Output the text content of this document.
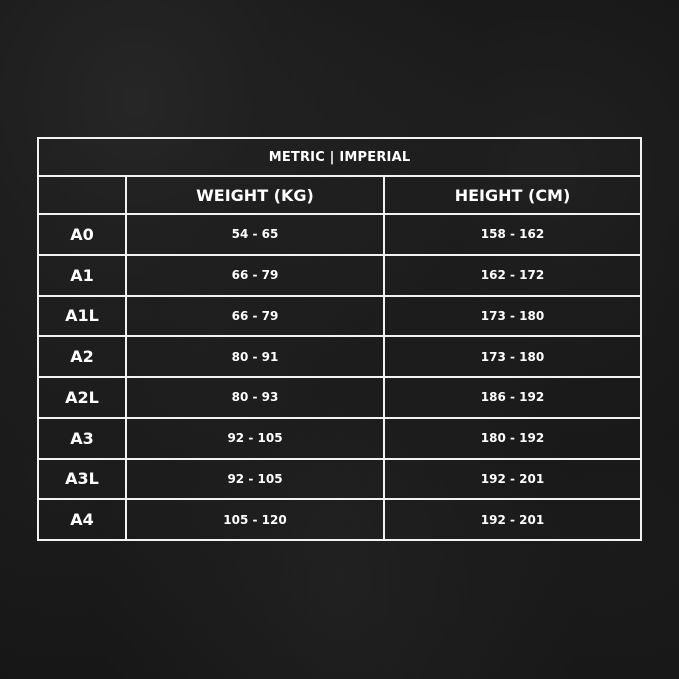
METRIC | IMPERIAL		
	WEIGHT (KG)	HEIGHT (CM)
A0	54 - 65	158 - 162
A1	66 - 79	162 - 172
A1L	66 - 79	173 - 180
A2	80 - 91	173 - 180
A2L	80 - 93	186 - 192
A3	92 - 105	180 - 192
A3L	92 - 105	192 - 201
A4	105 - 120	192 - 201
